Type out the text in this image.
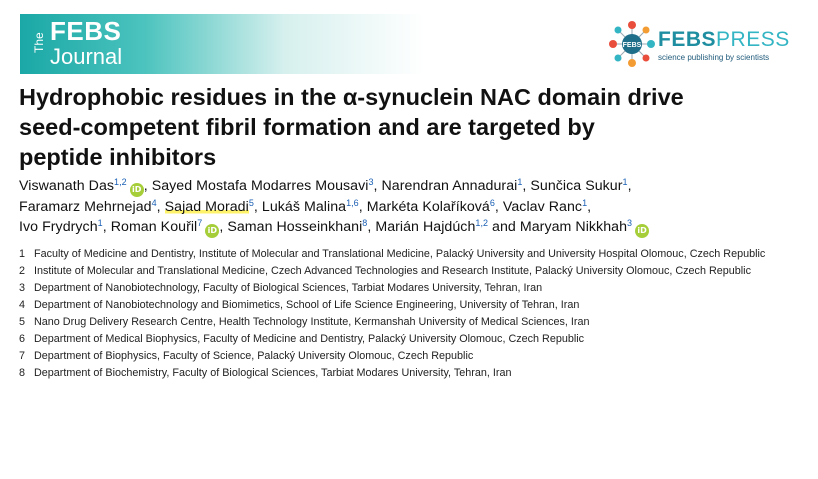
The FEBS
Journal	FEBS FEBSPRESS
science publishing by scientists
Hydrophobic residues in the α-synuclein NAC domain drive
seed-competent fibril formation and are targeted by
peptide inhibitors
Viswanath Das$^{1,2}$iD , Sayed Mostafa Modarres Mousavi$^3$, Narendran Annadurai$^1$, Sunčica Sukur$^1$,
Faramarz Mehrnejad$^4$, Sajad Moradi$^5$, Lukáš Malina$^{1,6}$, Markéta Kolaříková$^6$, Vaclav Ranc$^1$,
Ivo Frydrych$^1$, Roman Kouřil$^7$iD , Saman Hosseinkhani$^8$, Marián Hajdúch$^{1,2}$ and Maryam Nikkhah$^3$iD
1 Faculty of Medicine and Dentistry, Institute of Molecular and Translational Medicine, Palacký University and University Hospital Olomouc, Czech Republic
2 Institute of Molecular and Translational Medicine, Czech Advanced Technologies and Research Institute, Palacký University Olomouc, Czech Republic
3 Department of Nanobiotechnology, Faculty of Biological Sciences, Tarbiat Modares University, Tehran, Iran
4 Department of Nanobiotechnology and Biomimetics, School of Life Science Engineering, University of Tehran, Iran
5 Nano Drug Delivery Research Centre, Health Technology Institute, Kermanshah University of Medical Sciences, Iran
6 Department of Medical Biophysics, Faculty of Medicine and Dentistry, Palacký University Olomouc, Czech Republic
7 Department of Biophysics, Faculty of Science, Palacký University Olomouc, Czech Republic
8 Department of Biochemistry, Faculty of Biological Sciences, Tarbiat Modares University, Tehran, Iran
